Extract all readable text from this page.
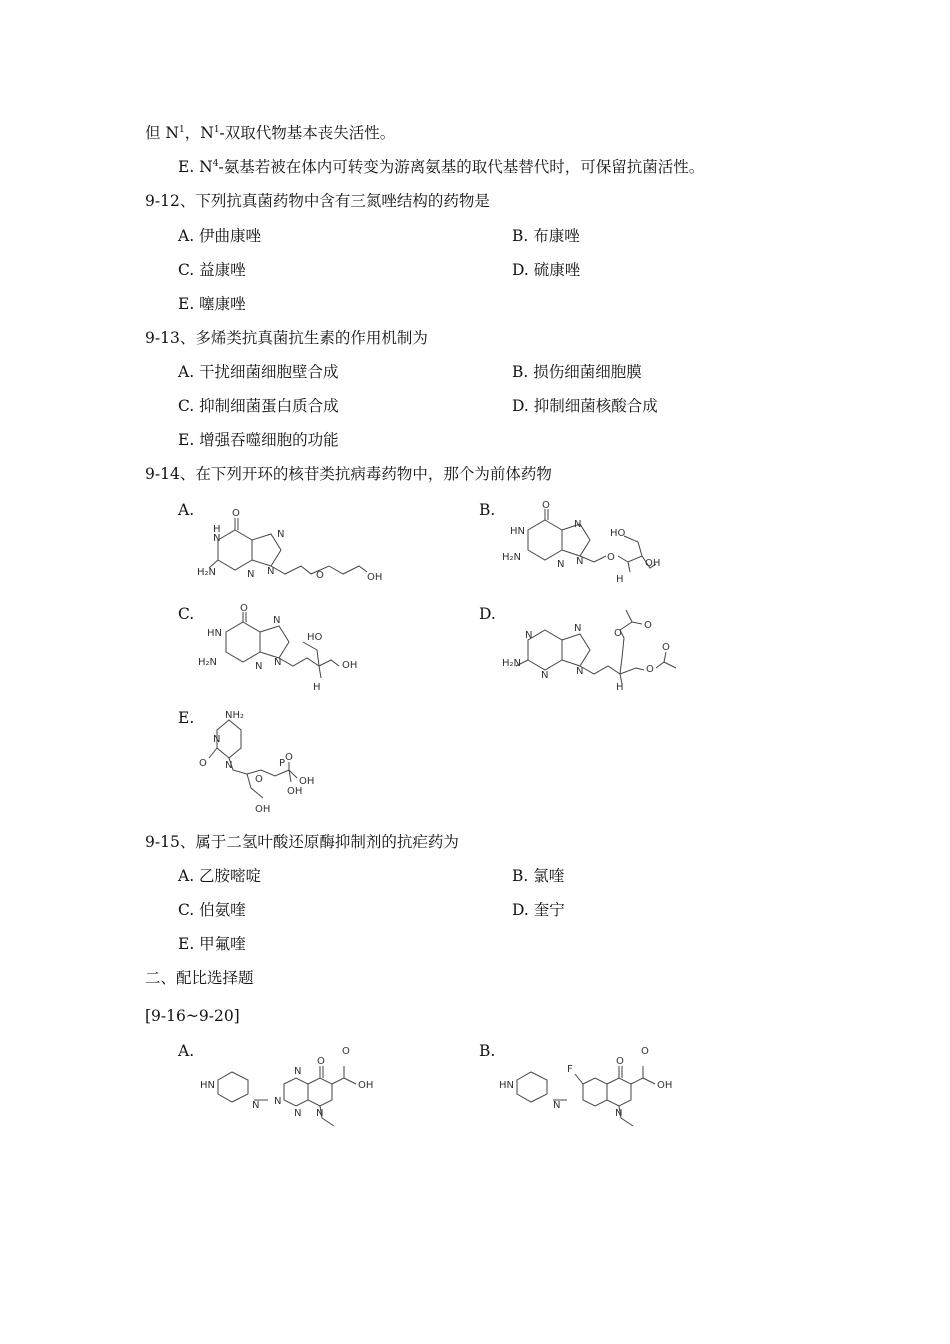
但 $N^1$，$N^1-$双取代物基本丧失活性。
E. $N^4-$氨基若被在体内可转变为游离氨基的取代基替代时，可保留抗菌活性。
9-12、下列抗真菌药物中含有三氮唑结构的药物是
A. 伊曲康唑	B. 布康唑
C. 益康唑	D. 硫康唑
E. 噻康唑
9-13、多烯类抗真菌抗生素的作用机制为
A. 干扰细菌细胞壁合成	B. 损伤细菌细胞膜
C. 抑制细菌蛋白质合成	D. 抑制细菌核酸合成
E. 增强吞噬细胞的功能
9-14、在下列开环的核苷类抗病毒药物中，那个为前体药物
A.	B.
C.	D.
E.
O
N
H
N
N
N
H₂N	O	OH
O
HN
N
N
N
H₂N	O
HO
OH
H
O
HN
N
N
N
H₂N
HO
OH
H
N
N
N
N
H₂N
O
O
O
O
H
NH₂
N
N
O
O
P
O
OH
OH
OH
9-15、属于二氢叶酸还原酶抑制剂的抗疟药为
A. 乙胺嘧啶	B. 氯喹
C. 伯氨喹	D. 奎宁
E. 甲氟喹
二、配比选择题
[9-16~9-20]
A.	B.
HN
N N
N
N N
O
O
OH	HN
N
F
N
O
O
OH
